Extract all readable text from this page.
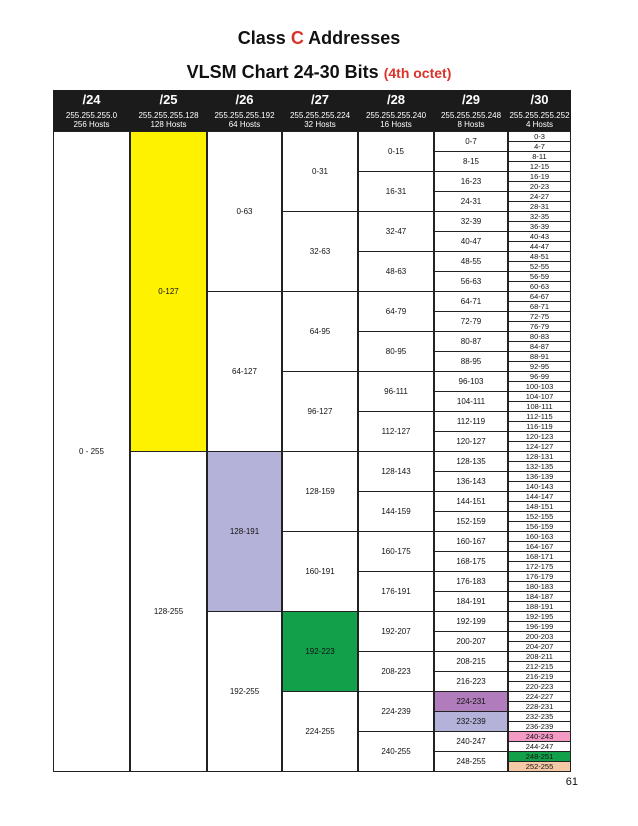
Class C Addresses
VLSM Chart 24-30 Bits (4th octet)
/24
255.255.255.0
256 Hosts
/25
255.255.255.128
128 Hosts
/26
255.255.255.192
64 Hosts
/27
255.255.255.224
32 Hosts
/28
255.255.255.240
16 Hosts
/29
255.255.255.248
8 Hosts
/30
255.255.255.252
4 Hosts
0 - 255
0-127
128-255
0-63
64-127
128-191
192-255
0-31
32-63
64-95
96-127
128-159
160-191
192-223
224-255
0-15
16-31
32-47
48-63
64-79
80-95
96-111
112-127
128-143
144-159
160-175
176-191
192-207
208-223
224-239
240-255
0-7
8-15
16-23
24-31
32-39
40-47
48-55
56-63
64-71
72-79
80-87
88-95
96-103
104-111
112-119
120-127
128-135
136-143
144-151
152-159
160-167
168-175
176-183
184-191
192-199
200-207
208-215
216-223
224-231
232-239
240-247
248-255
0-3
4-7
8-11
12-15
16-19
20-23
24-27
28-31
32-35
36-39
40-43
44-47
48-51
52-55
56-59
60-63
64-67
68-71
72-75
76-79
80-83
84-87
88-91
92-95
96-99
100-103
104-107
108-111
112-115
116-119
120-123
124-127
128-131
132-135
136-139
140-143
144-147
148-151
152-155
156-159
160-163
164-167
168-171
172-175
176-179
180-183
184-187
188-191
192-195
196-199
200-203
204-207
208-211
212-215
216-219
220-223
224-227
228-231
232-235
236-239
240-243
244-247
248-251
252-255
61
